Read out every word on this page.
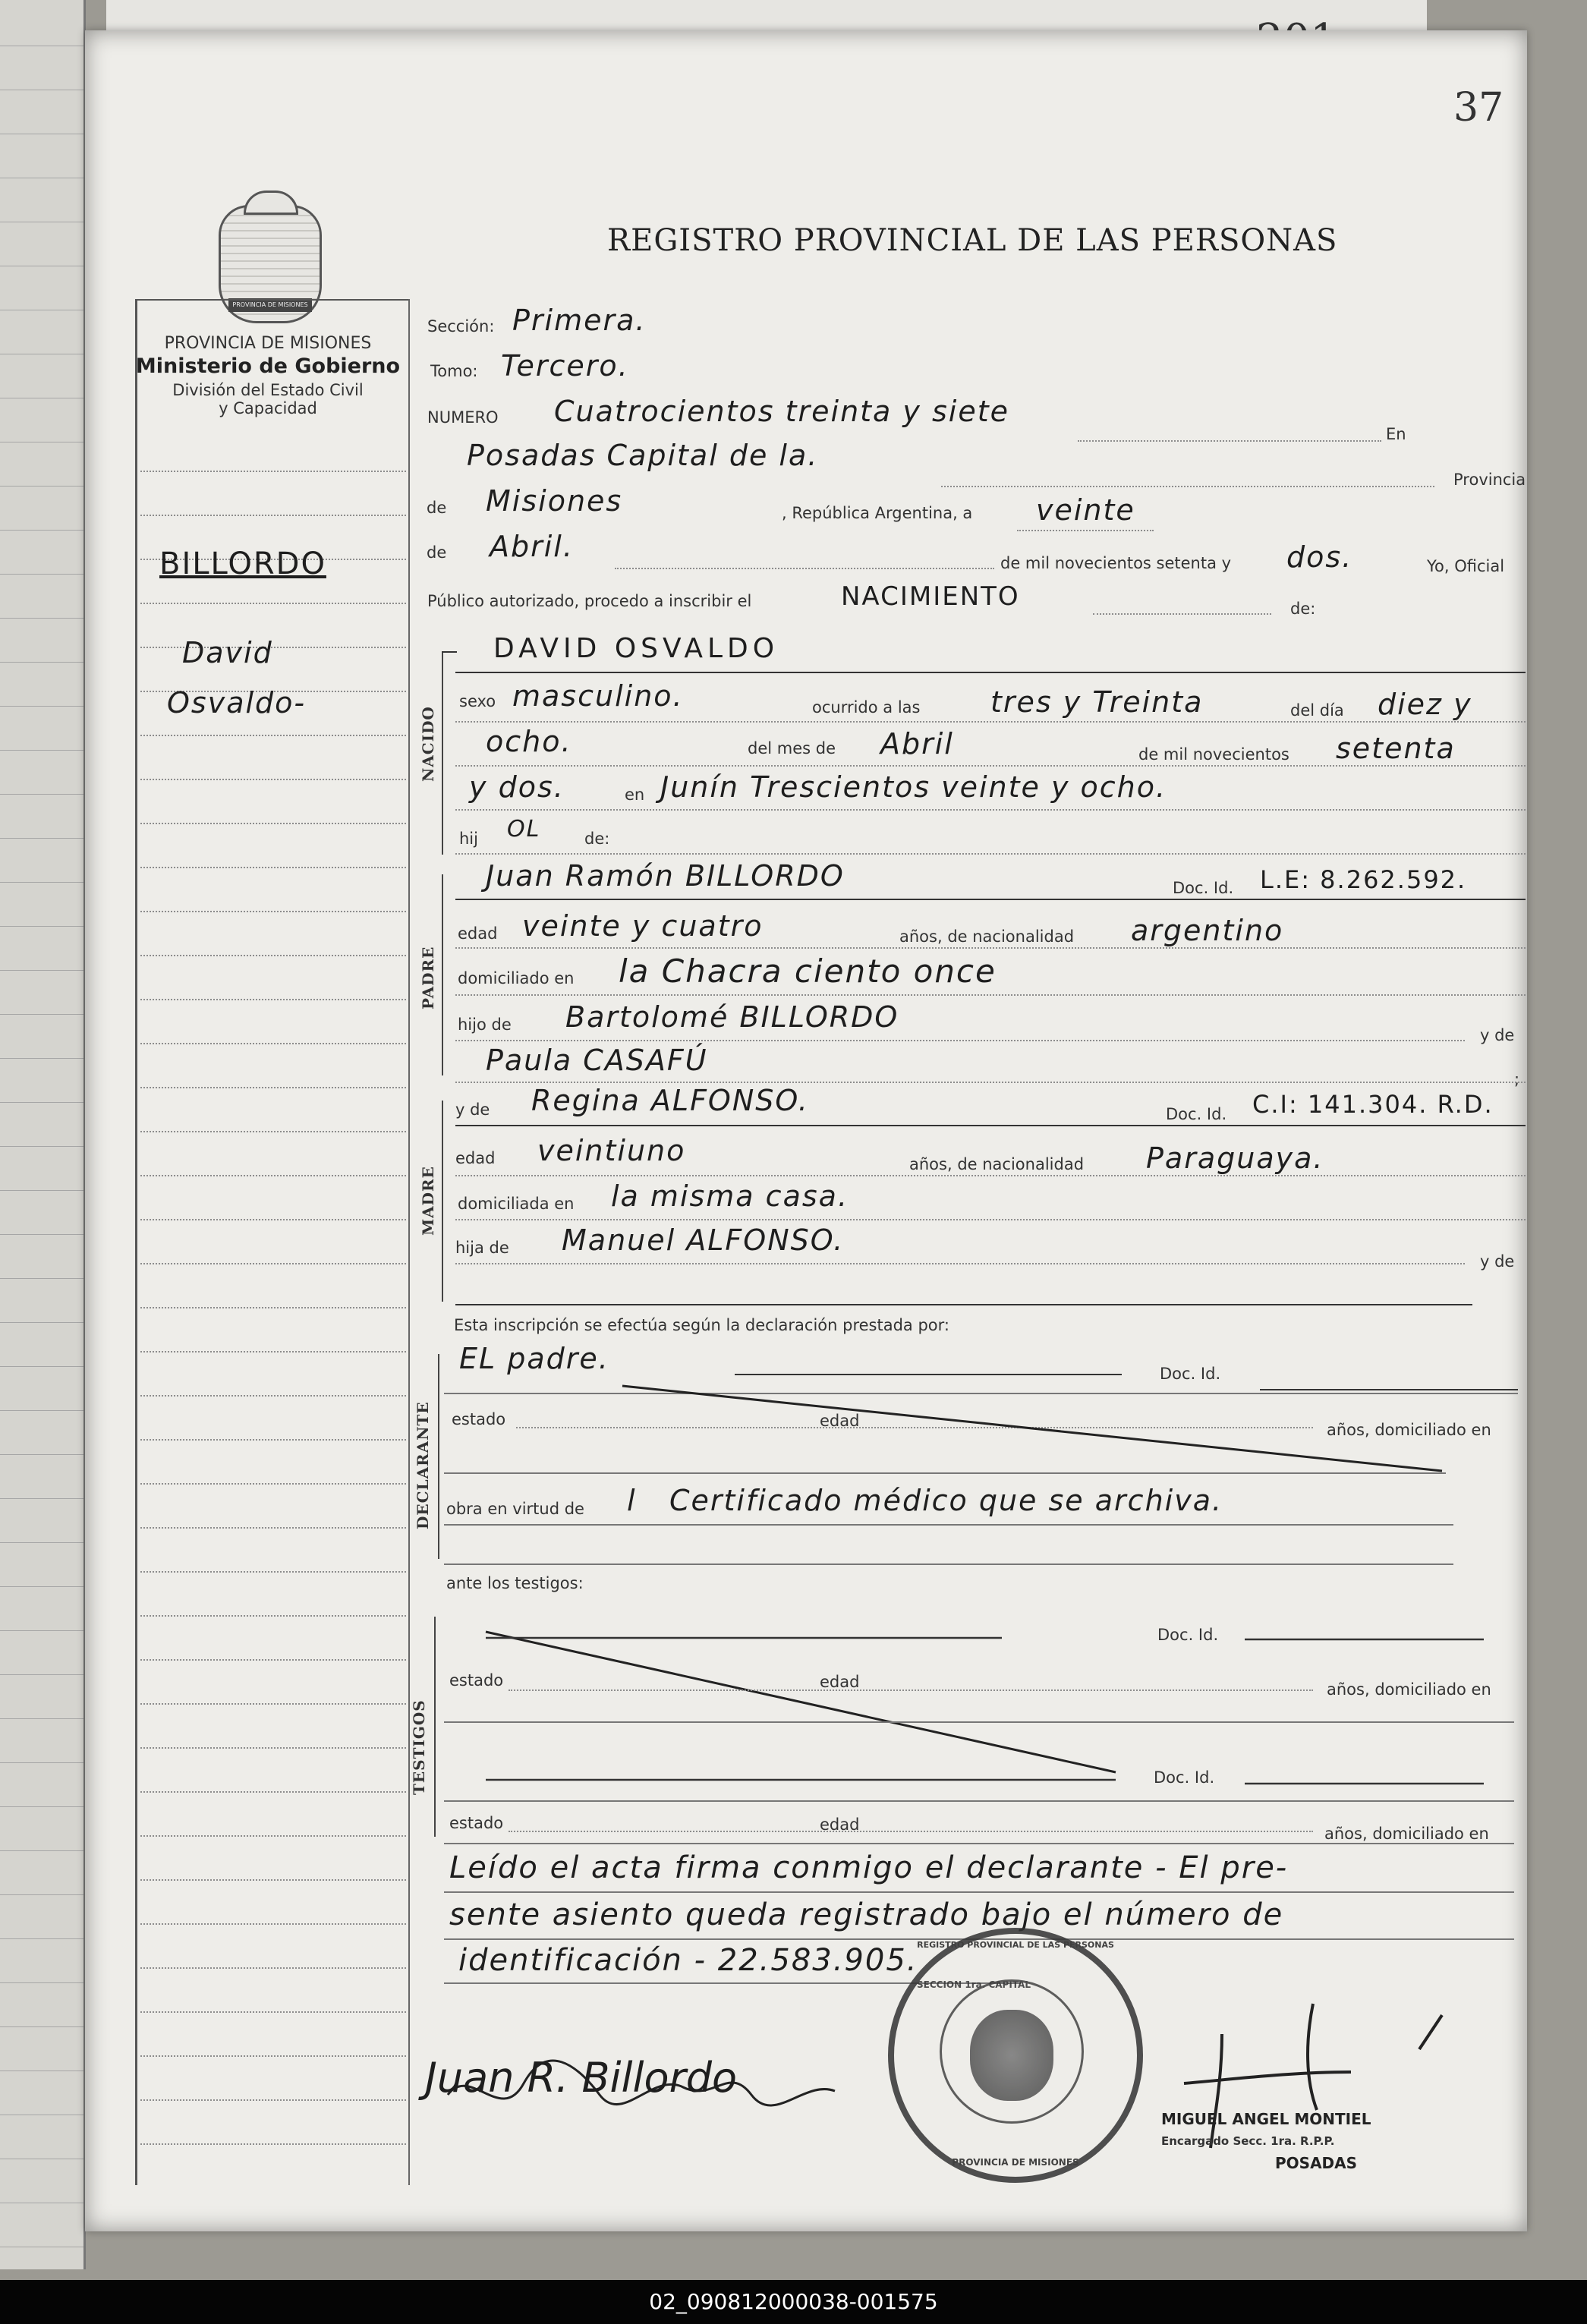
37
REGISTRO PROVINCIAL DE LAS PERSONAS
PROVINCIA DE MISIONES
PROVINCIA DE MISIONES
Ministerio de Gobierno
División del Estado Civil
y Capacidad
BILLORDO
David
Osvaldo-
Sección: Primera.
Tomo: Tercero.
NUMERO Cuatrocientos treinta y siete
En
Posadas Capital de la.
Provincia
de Misiones	, República Argentina, a veinte
de Abril.	de mil novecientos setenta y dos.	Yo, Oficial
Público autorizado, procedo a inscribir el	NACIMIENTO	de:
NACIDO
DAVID OSVALDO
sexo masculino.	ocurrido a las tres y Treinta	del día diez y
ocho.	del mes de Abril	de mil novecientos setenta
y dos.	en Junín Trescientos veinte y ocho.
hij OL	de:
PADRE
Juan Ramón BILLORDO	Doc. Id. L.E: 8.262.592.
edad veinte y cuatro	años, de nacionalidad argentino
domiciliado en la Chacra ciento once
hijo de Bartolomé BILLORDO
y de
Paula CASAFÚ
;
MADRE
y de Regina ALFONSO.	Doc. Id. C.I: 141.304. R.D.
edad veintiuno	años, de nacionalidad Paraguaya.
domiciliada en la misma casa.
hija de Manuel ALFONSO.
y de
Esta inscripción se efectúa según la declaración prestada por:
DECLARANTE
EL padre.	Doc. Id.
estado	edad	años, domiciliado en
obra en virtud de l Certificado médico que se archiva.
ante los testigos:
TESTIGOS
Doc. Id.
estado	edad	años, domiciliado en
Doc. Id.
estado	edad	años, domiciliado en
Leído el acta firma conmigo el declarante - El pre-
sente asiento queda registrado bajo el número de
identificación - 22.583.905.
Juan R. Billordo
REGISTRO PROVINCIAL DE LAS PERSONAS
PROVINCIA DE MISIONES
SECCION 1ra. CAPITAL
MIGUEL ANGEL MONTIEL
Encargado Secc. 1ra. R.P.P.
POSADAS
02_090812000038-001575
